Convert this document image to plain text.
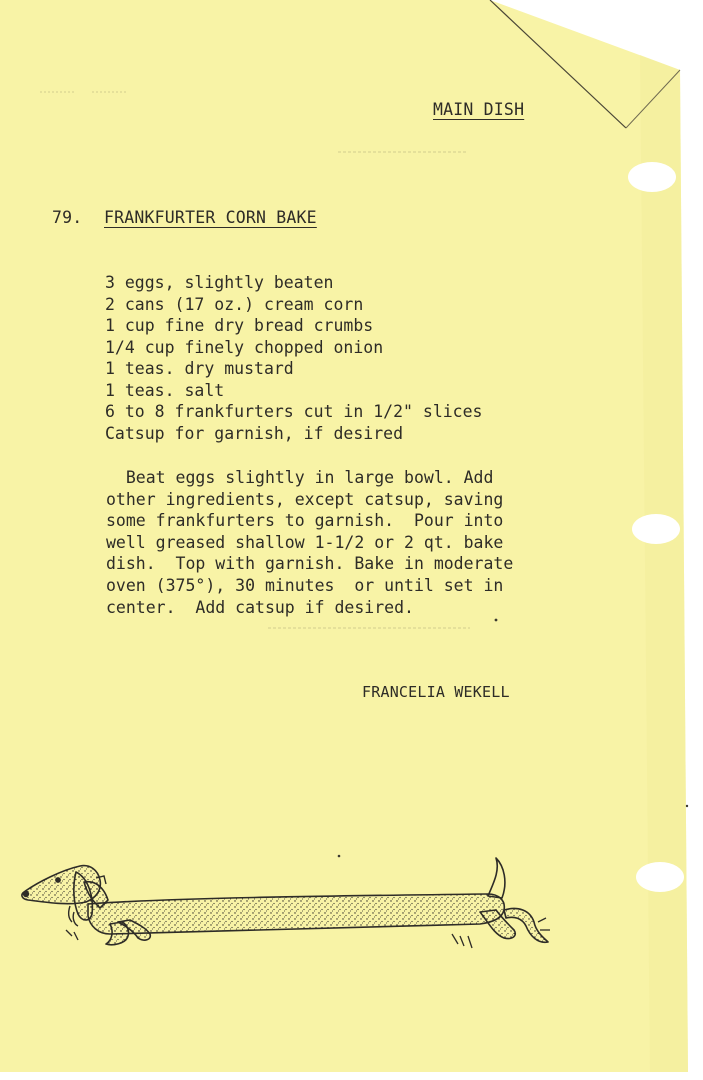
MAIN DISH
79. FRANKFURTER CORN BAKE
3 eggs, slightly beaten
2 cans (17 oz.) cream corn
1 cup fine dry bread crumbs
1/4 cup finely chopped onion
1 teas. dry mustard
1 teas. salt
6 to 8 frankfurters cut in 1/2" slices
Catsup for garnish, if desired
Beat eggs slightly in large bowl. Add
other ingredients, except catsup, saving
some frankfurters to garnish.  Pour into
well greased shallow 1-1/2 or 2 qt. bake
dish.  Top with garnish. Bake in moderate
oven (375°), 30 minutes  or until set in
center.  Add catsup if desired.
FRANCELIA WEKELL
